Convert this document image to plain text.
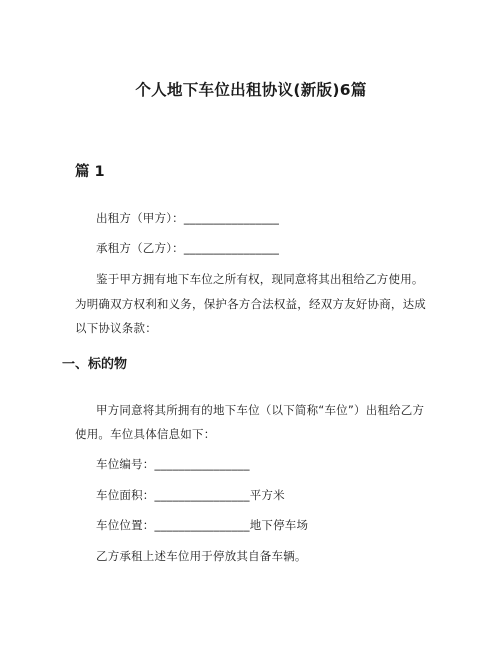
个人地下车位出租协议(新版)6篇
篇 1
出租方（甲方）：________________
承租方（乙方）：________________
鉴于甲方拥有地下车位之所有权，现同意将其出租给乙方使用。
为明确双方权利和义务，保护各方合法权益，经双方友好协商，达成
以下协议条款：
一、标的物
甲方同意将其所拥有的地下车位（以下简称“车位”）出租给乙方
使用。车位具体信息如下：
车位编号：________________
车位面积：________________平方米
车位位置：________________地下停车场
乙方承租上述车位用于停放其自备车辆。
